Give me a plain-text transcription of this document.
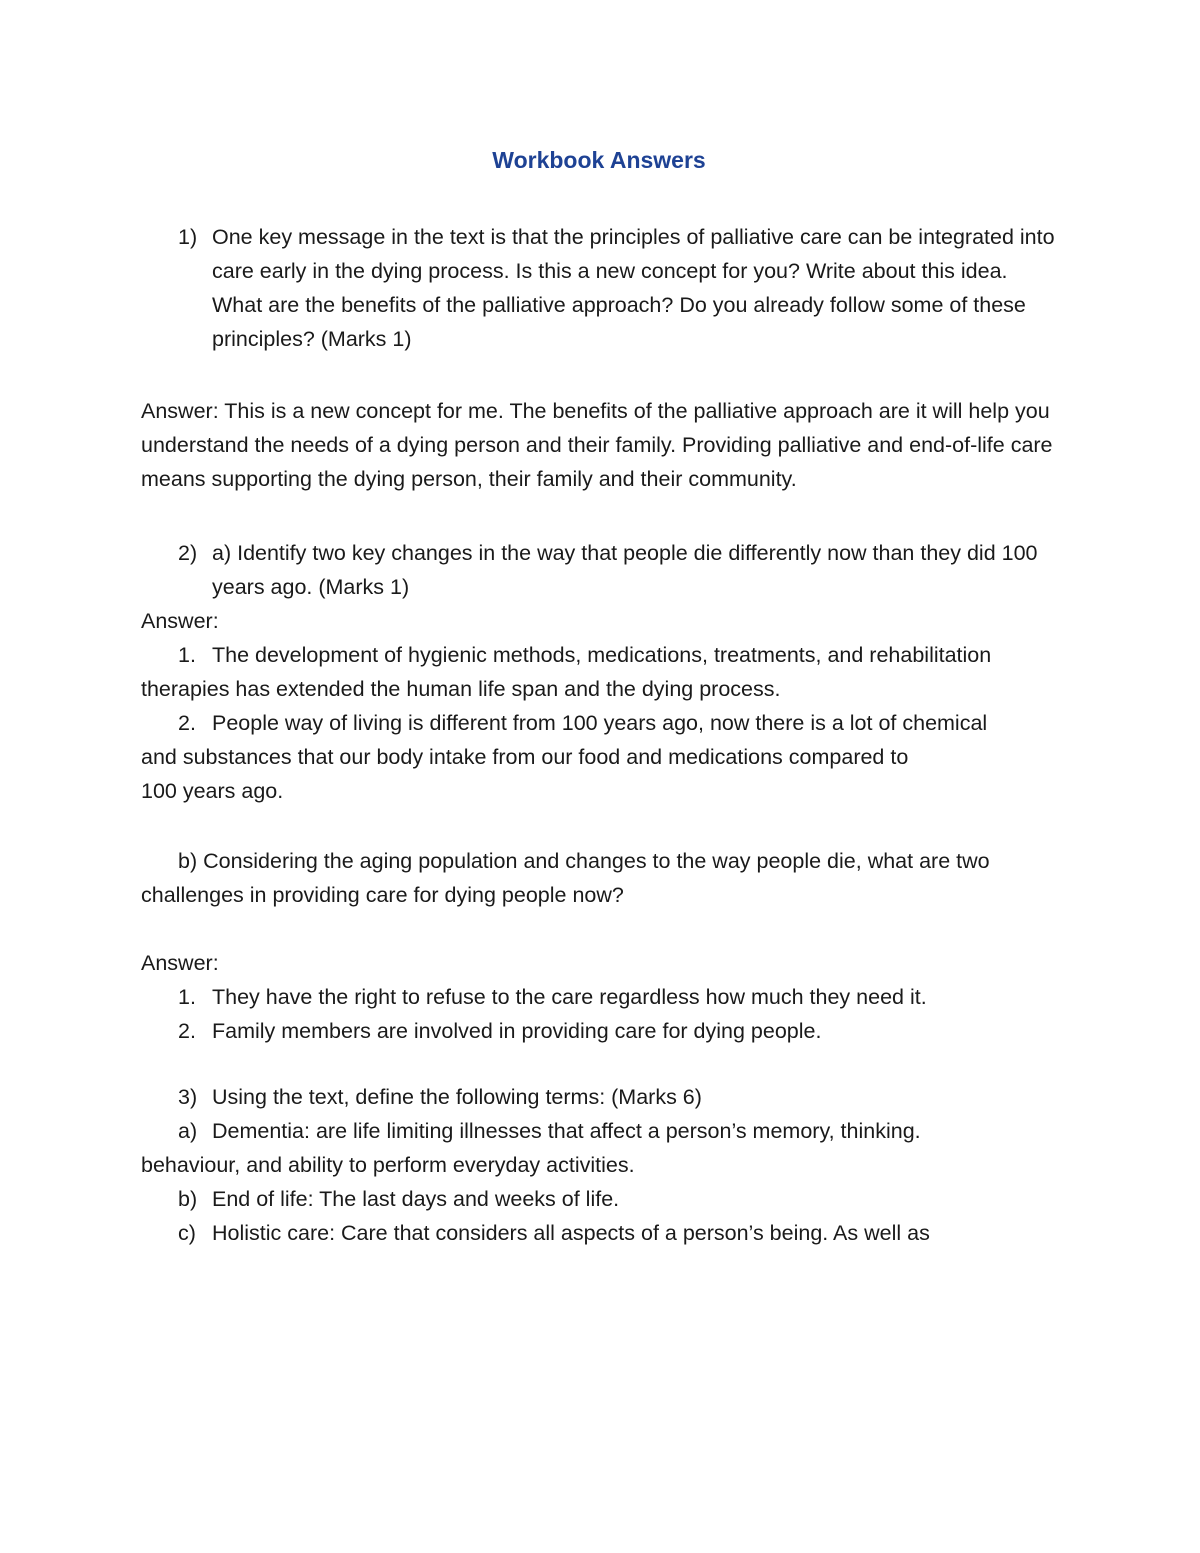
Workbook Answers
1) One key message in the text is that the principles of palliative care can be integrated into care early in the dying process. Is this a new concept for you? Write about this idea. What are the benefits of the palliative approach? Do you already follow some of these principles? (Marks 1)

Answer: This is a new concept for me. The benefits of the palliative approach are it will help you understand the needs of a dying person and their family. Providing palliative and end-of-life care means supporting the dying person, their family and their community.

2) a) Identify two key changes in the way that people die differently now than they did 100 years ago. (Marks 1)

Answer:

1. The development of hygienic methods, medications, treatments, and rehabilitation

therapies has extended the human life span and the dying process.

2. People way of living is different from 100 years ago, now there is a lot of chemical

and substances that our body intake from our food and medications compared to

100 years ago.

b) Considering the aging population and changes to the way people die, what are two challenges in providing care for dying people now?

Answer:

1. They have the right to refuse to the care regardless how much they need it.
2. Family members are involved in providing care for dying people.
3) Using the text, define the following terms: (Marks 6)
a) Dementia: are life limiting illnesses that affect a person’s memory, thinking.

behaviour, and ability to perform everyday activities.

b) End of life: The last days and weeks of life.
c) Holistic care: Care that considers all aspects of a person’s being. As well as
